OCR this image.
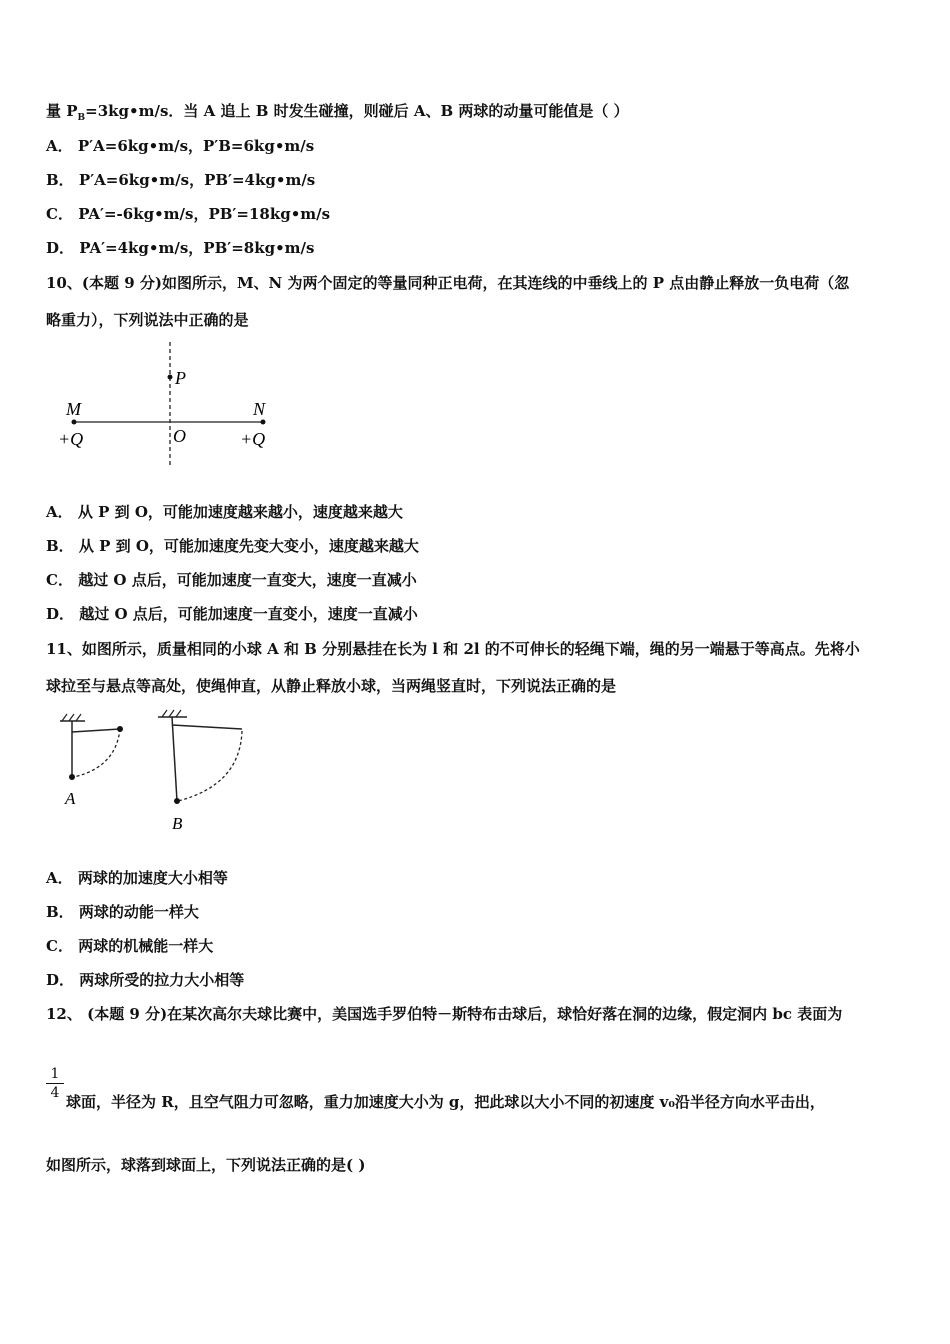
量 $P_B=3kg•m/s$．当 A 追上 B 时发生碰撞，则碰后 A、B 两球的动量可能值是（ ）
A． P′A=6kg•m/s，P′B=6kg•m/s
B． P′A=6kg•m/s，PB′=4kg•m/s
C． PA′=-6kg•m/s，PB′=18kg•m/s
D． PA′=4kg•m/s，PB′=8kg•m/s
10、(本题 9 分)如图所示，M、N 为两个固定的等量同种正电荷，在其连线的中垂线上的 P 点由静止释放一负电荷（忽
略重力），下列说法中正确的是
P
M	N
O
+Q	+Q
A． 从 P 到 O，可能加速度越来越小，速度越来越大
B． 从 P 到 O，可能加速度先变大变小，速度越来越大
C． 越过 O 点后，可能加速度一直变大，速度一直减小
D． 越过 O 点后，可能加速度一直变小，速度一直减小
11、如图所示，质量相同的小球 A 和 B 分别悬挂在长为 l 和 2l 的不可伸长的轻绳下端，绳的另一端悬于等高点。先将小
球拉至与悬点等高处，使绳伸直，从静止释放小球，当两绳竖直时，下列说法正确的是
A
B
A． 两球的加速度大小相等
B． 两球的动能一样大
C． 两球的机械能一样大
D． 两球所受的拉力大小相等
12、 (本题 9 分)在某次高尔夫球比赛中，美国选手罗伯特－斯特布击球后，球恰好落在洞的边缘，假定洞内 bc 表面为
1
4 球面，半径为 R，且空气阻力可忽略，重力加速度大小为 g，把此球以大小不同的初速度 v₀沿半径方向水平击出，
如图所示，球落到球面上，下列说法正确的是( )
